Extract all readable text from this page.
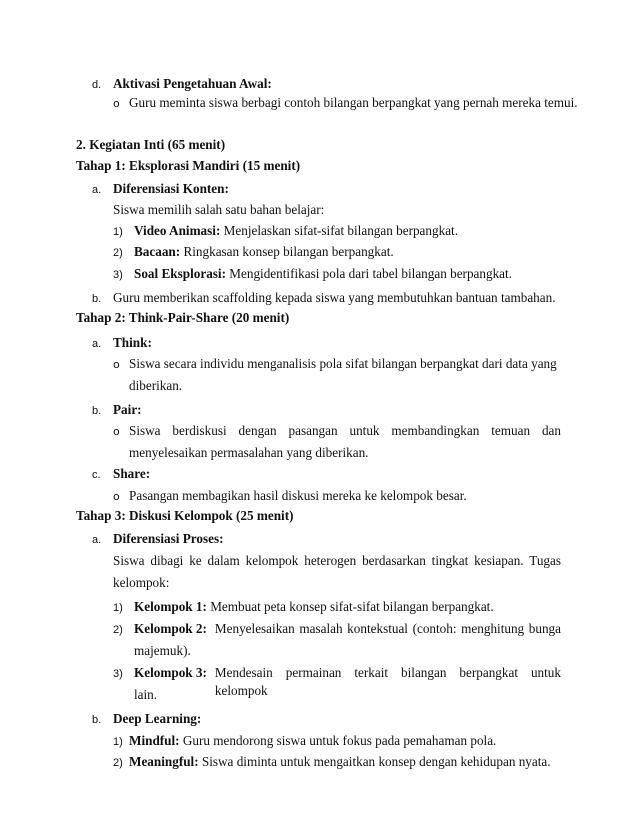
d. Aktivasi Pengetahuan Awal:
o Guru meminta siswa berbagi contoh bilangan berpangkat yang pernah mereka temui.
2. Kegiatan Inti (65 menit)
Tahap 1: Eksplorasi Mandiri (15 menit)
a. Diferensiasi Konten:
Siswa memilih salah satu bahan belajar:
1) Video Animasi: Menjelaskan sifat-sifat bilangan berpangkat.
2) Bacaan: Ringkasan konsep bilangan berpangkat.
3) Soal Eksplorasi: Mengidentifikasi pola dari tabel bilangan berpangkat.
b. Guru memberikan scaffolding kepada siswa yang membutuhkan bantuan tambahan.
Tahap 2: Think-Pair-Share (20 menit)
a. Think:
o Siswa secara individu menganalisis pola sifat bilangan berpangkat dari data yang
diberikan.
b. Pair:
o Siswa berdiskusi dengan pasangan untuk membandingkan temuan dan
menyelesaikan permasalahan yang diberikan.
c. Share:
o Pasangan membagikan hasil diskusi mereka ke kelompok besar.
Tahap 3: Diskusi Kelompok (25 menit)
a. Diferensiasi Proses:
Siswa dibagi ke dalam kelompok heterogen berdasarkan tingkat kesiapan. Tugas
kelompok:
1) Kelompok 1: Membuat peta konsep sifat-sifat bilangan berpangkat.
2) Kelompok 2: Menyelesaikan masalah kontekstual (contoh: menghitung bunga
majemuk).
3) Kelompok 3: Mendesain permainan terkait bilangan berpangkat untuk kelompok
lain.
b. Deep Learning:
1) Mindful: Guru mendorong siswa untuk fokus pada pemahaman pola.
2) Meaningful: Siswa diminta untuk mengaitkan konsep dengan kehidupan nyata.
